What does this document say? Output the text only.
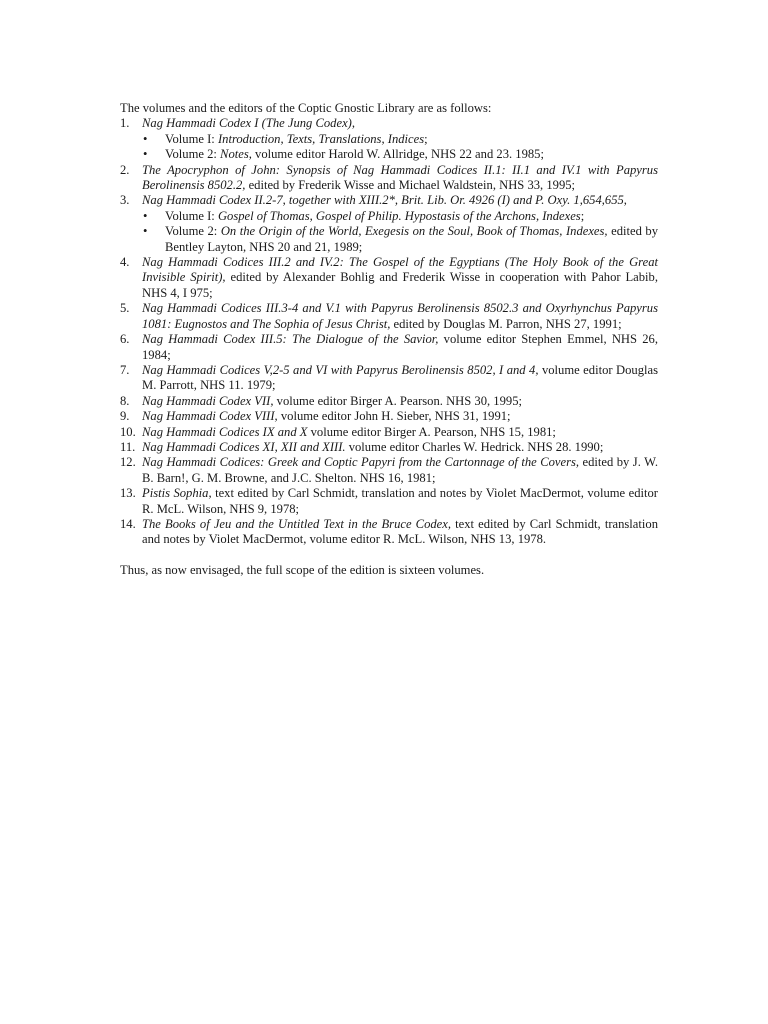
The volumes and the editors of the Coptic Gnostic Library are as follows:

1. Nag Hammadi Codex I (The Jung Codex),
• Volume I: Introduction, Texts, Translations, Indices;
• Volume 2: Notes, volume editor Harold W. Allridge, NHS 22 and 23. 1985;
2. The Apocryphon of John: Synopsis of Nag Hammadi Codices II.1: II.1 and IV.1 with Papyrus Berolinensis 8502.2, edited by Frederik Wisse and Michael Waldstein, NHS 33, 1995;
3. Nag Hammadi Codex II.2-7, together with XIII.2*, Brit. Lib. Or. 4926 (I) and P. Oxy. 1,654,655,
• Volume I: Gospel of Thomas, Gospel of Philip. Hypostasis of the Archons, Indexes;
• Volume 2: On the Origin of the World, Exegesis on the Soul, Book of Thomas, Indexes, edited by Bentley Layton, NHS 20 and 21, 1989;
4. Nag Hammadi Codices III.2 and IV.2: The Gospel of the Egyptians (The Holy Book of the Great Invisible Spirit), edited by Alexander Bohlig and Frederik Wisse in cooperation with Pahor Labib, NHS 4, I 975;
5. Nag Hammadi Codices III.3-4 and V.1 with Papyrus Berolinensis 8502.3 and Oxyrhynchus Papyrus 1081: Eugnostos and The Sophia of Jesus Christ, edited by Douglas M. Parron, NHS 27, 1991;
6. Nag Hammadi Codex III.5: The Dialogue of the Savior, volume editor Stephen Emmel, NHS 26, 1984;
7. Nag Hammadi Codices V,2-5 and VI with Papyrus Berolinensis 8502, I and 4, volume editor Douglas M. Parrott, NHS 11. 1979;
8. Nag Hammadi Codex VII, volume editor Birger A. Pearson. NHS 30, 1995;
9. Nag Hammadi Codex VIII, volume editor John H. Sieber, NHS 31, 1991;
10. Nag Hammadi Codices IX and X volume editor Birger A. Pearson, NHS 15, 1981;
11. Nag Hammadi Codices XI, XII and XIII. volume editor Charles W. Hedrick. NHS 28. 1990;
12. Nag Hammadi Codices: Greek and Coptic Papyri from the Cartonnage of the Covers, edited by J. W. B. Barn!, G. M. Browne, and J.C. Shelton. NHS 16, 1981;
13. Pistis Sophia, text edited by Carl Schmidt, translation and notes by Violet MacDermot, volume editor R. McL. Wilson, NHS 9, 1978;
14. The Books of Jeu and the Untitled Text in the Bruce Codex, text edited by Carl Schmidt, translation and notes by Violet MacDermot, volume editor R. McL. Wilson, NHS 13, 1978.

Thus, as now envisaged, the full scope of the edition is sixteen volumes.
